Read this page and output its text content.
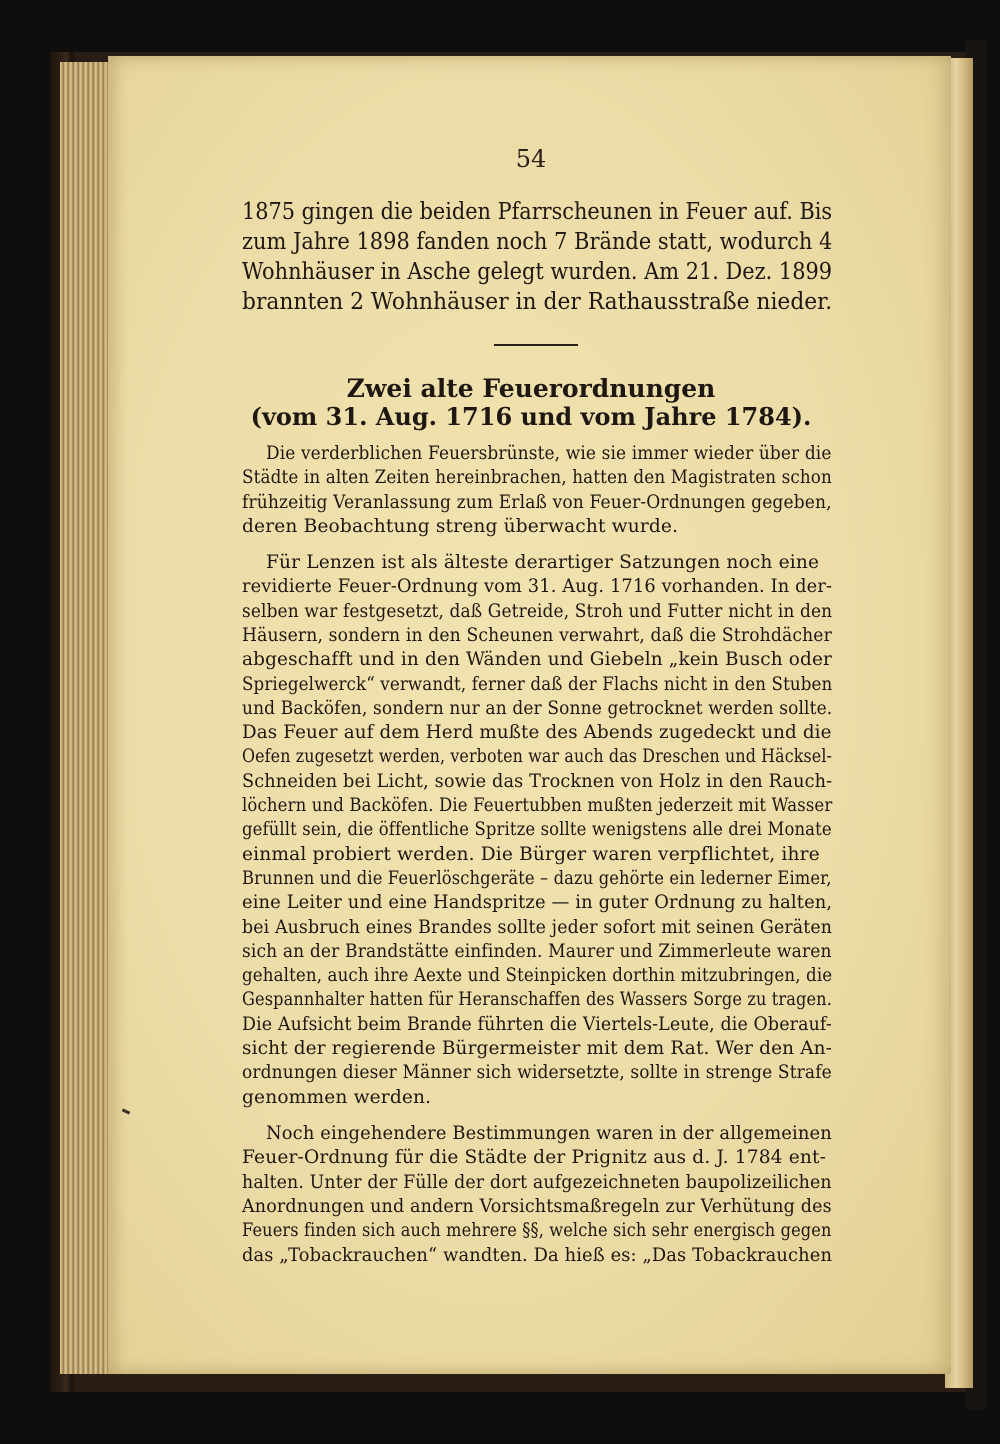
54
1875 gingen die beiden Pfarrscheunen in Feuer auf. Bis
zum Jahre 1898 fanden noch 7 Brände statt, wodurch 4
Wohnhäuser in Asche gelegt wurden. Am 21. Dez. 1899
brannten 2 Wohnhäuser in der Rathausstraße nieder.
Zwei alte Feuerordnungen
(vom 31. Aug. 1716 und vom Jahre 1784).
Die verderblichen Feuersbrünste, wie sie immer wieder über die
Städte in alten Zeiten hereinbrachen, hatten den Magistraten schon
frühzeitig Veranlassung zum Erlaß von Feuer-Ordnungen gegeben,
deren Beobachtung streng überwacht wurde.
Für Lenzen ist als älteste derartiger Satzungen noch eine
revidierte Feuer-Ordnung vom 31. Aug. 1716 vorhanden. In der-
selben war festgesetzt, daß Getreide, Stroh und Futter nicht in den
Häusern, sondern in den Scheunen verwahrt, daß die Strohdächer
abgeschafft und in den Wänden und Giebeln „kein Busch oder
Spriegelwerck“ verwandt, ferner daß der Flachs nicht in den Stuben
und Backöfen, sondern nur an der Sonne getrocknet werden sollte.
Das Feuer auf dem Herd mußte des Abends zugedeckt und die
Oefen zugesetzt werden, verboten war auch das Dreschen und Häcksel-
Schneiden bei Licht, sowie das Trocknen von Holz in den Rauch-
löchern und Backöfen. Die Feuertubben mußten jederzeit mit Wasser
gefüllt sein, die öffentliche Spritze sollte wenigstens alle drei Monate
einmal probiert werden. Die Bürger waren verpflichtet, ihre
Brunnen und die Feuerlöschgeräte – dazu gehörte ein lederner Eimer,
eine Leiter und eine Handspritze — in guter Ordnung zu halten,
bei Ausbruch eines Brandes sollte jeder sofort mit seinen Geräten
sich an der Brandstätte einfinden. Maurer und Zimmerleute waren
gehalten, auch ihre Aexte und Steinpicken dorthin mitzubringen, die
Gespannhalter hatten für Heranschaffen des Wassers Sorge zu tragen.
Die Aufsicht beim Brande führten die Viertels-Leute, die Oberauf-
sicht der regierende Bürgermeister mit dem Rat. Wer den An-
ordnungen dieser Männer sich widersetzte, sollte in strenge Strafe
genommen werden.
Noch eingehendere Bestimmungen waren in der allgemeinen
Feuer-Ordnung für die Städte der Prignitz aus d. J. 1784 ent-
halten. Unter der Fülle der dort aufgezeichneten baupolizeilichen
Anordnungen und andern Vorsichtsmaßregeln zur Verhütung des
Feuers finden sich auch mehrere §§, welche sich sehr energisch gegen
das „Tobackrauchen“ wandten. Da hieß es: „Das Tobackrauchen
